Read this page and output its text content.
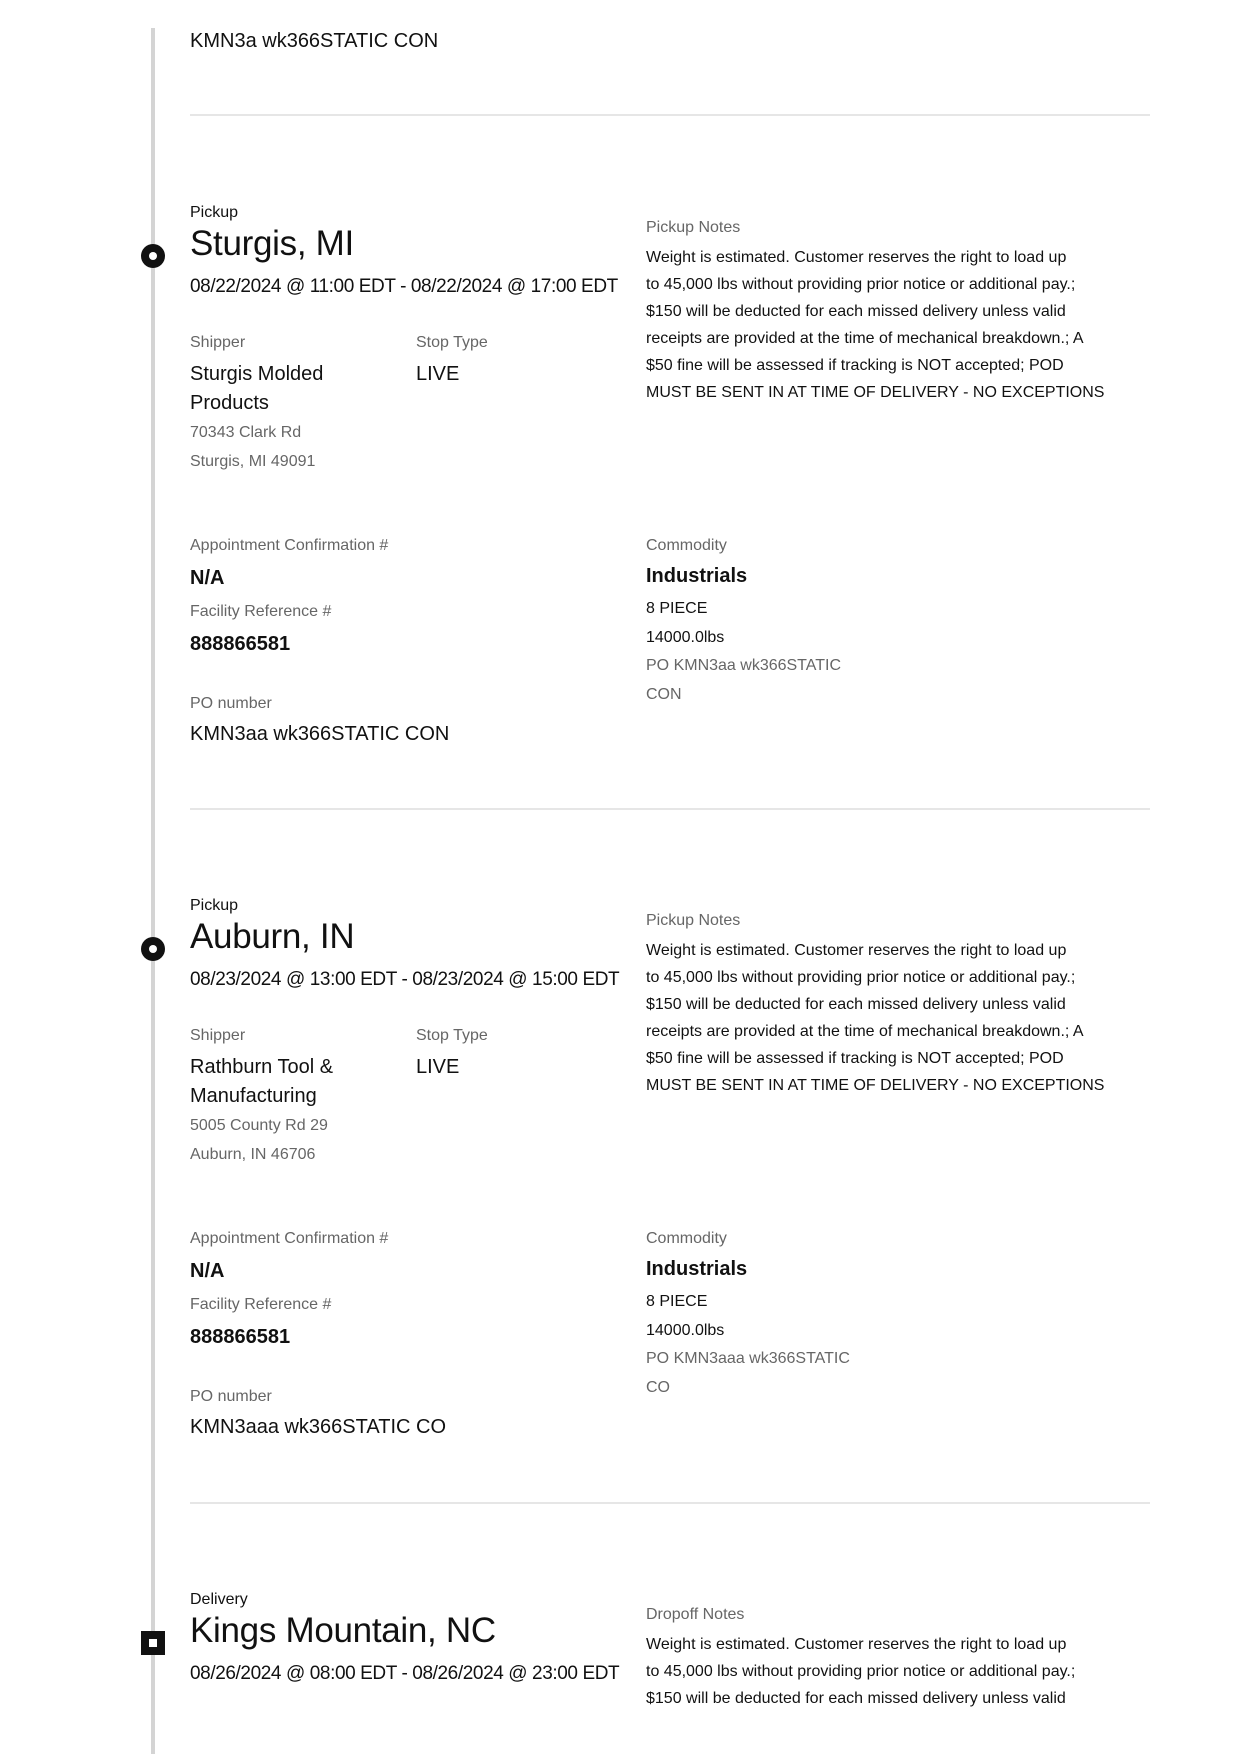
KMN3a wk366STATIC CON
Pickup
Sturgis, MI
08/22/2024 @ 11:00 EDT - 08/22/2024 @ 17:00 EDT
Shipper
Sturgis Molded
Products
70343 Clark Rd
Sturgis, MI 49091
Stop Type
LIVE
Pickup Notes
Weight is estimated. Customer reserves the right to load up
to 45,000 lbs without providing prior notice or additional pay.;
$150 will be deducted for each missed delivery unless valid
receipts are provided at the time of mechanical breakdown.; A
$50 fine will be assessed if tracking is NOT accepted; POD
MUST BE SENT IN AT TIME OF DELIVERY - NO EXCEPTIONS
Appointment Confirmation #
N/A
Facility Reference #
888866581
PO number
KMN3aa wk366STATIC CON
Commodity
Industrials
8 PIECE
14000.0lbs
PO KMN3aa wk366STATIC
CON
Pickup
Auburn, IN
08/23/2024 @ 13:00 EDT - 08/23/2024 @ 15:00 EDT
Shipper
Rathburn Tool &
Manufacturing
5005 County Rd 29
Auburn, IN 46706
Stop Type
LIVE
Pickup Notes
Weight is estimated. Customer reserves the right to load up
to 45,000 lbs without providing prior notice or additional pay.;
$150 will be deducted for each missed delivery unless valid
receipts are provided at the time of mechanical breakdown.; A
$50 fine will be assessed if tracking is NOT accepted; POD
MUST BE SENT IN AT TIME OF DELIVERY - NO EXCEPTIONS
Appointment Confirmation #
N/A
Facility Reference #
888866581
PO number
KMN3aaa wk366STATIC CO
Commodity
Industrials
8 PIECE
14000.0lbs
PO KMN3aaa wk366STATIC
CO
Delivery
Kings Mountain, NC
08/26/2024 @ 08:00 EDT - 08/26/2024 @ 23:00 EDT
Dropoff Notes
Weight is estimated. Customer reserves the right to load up
to 45,000 lbs without providing prior notice or additional pay.;
$150 will be deducted for each missed delivery unless valid
